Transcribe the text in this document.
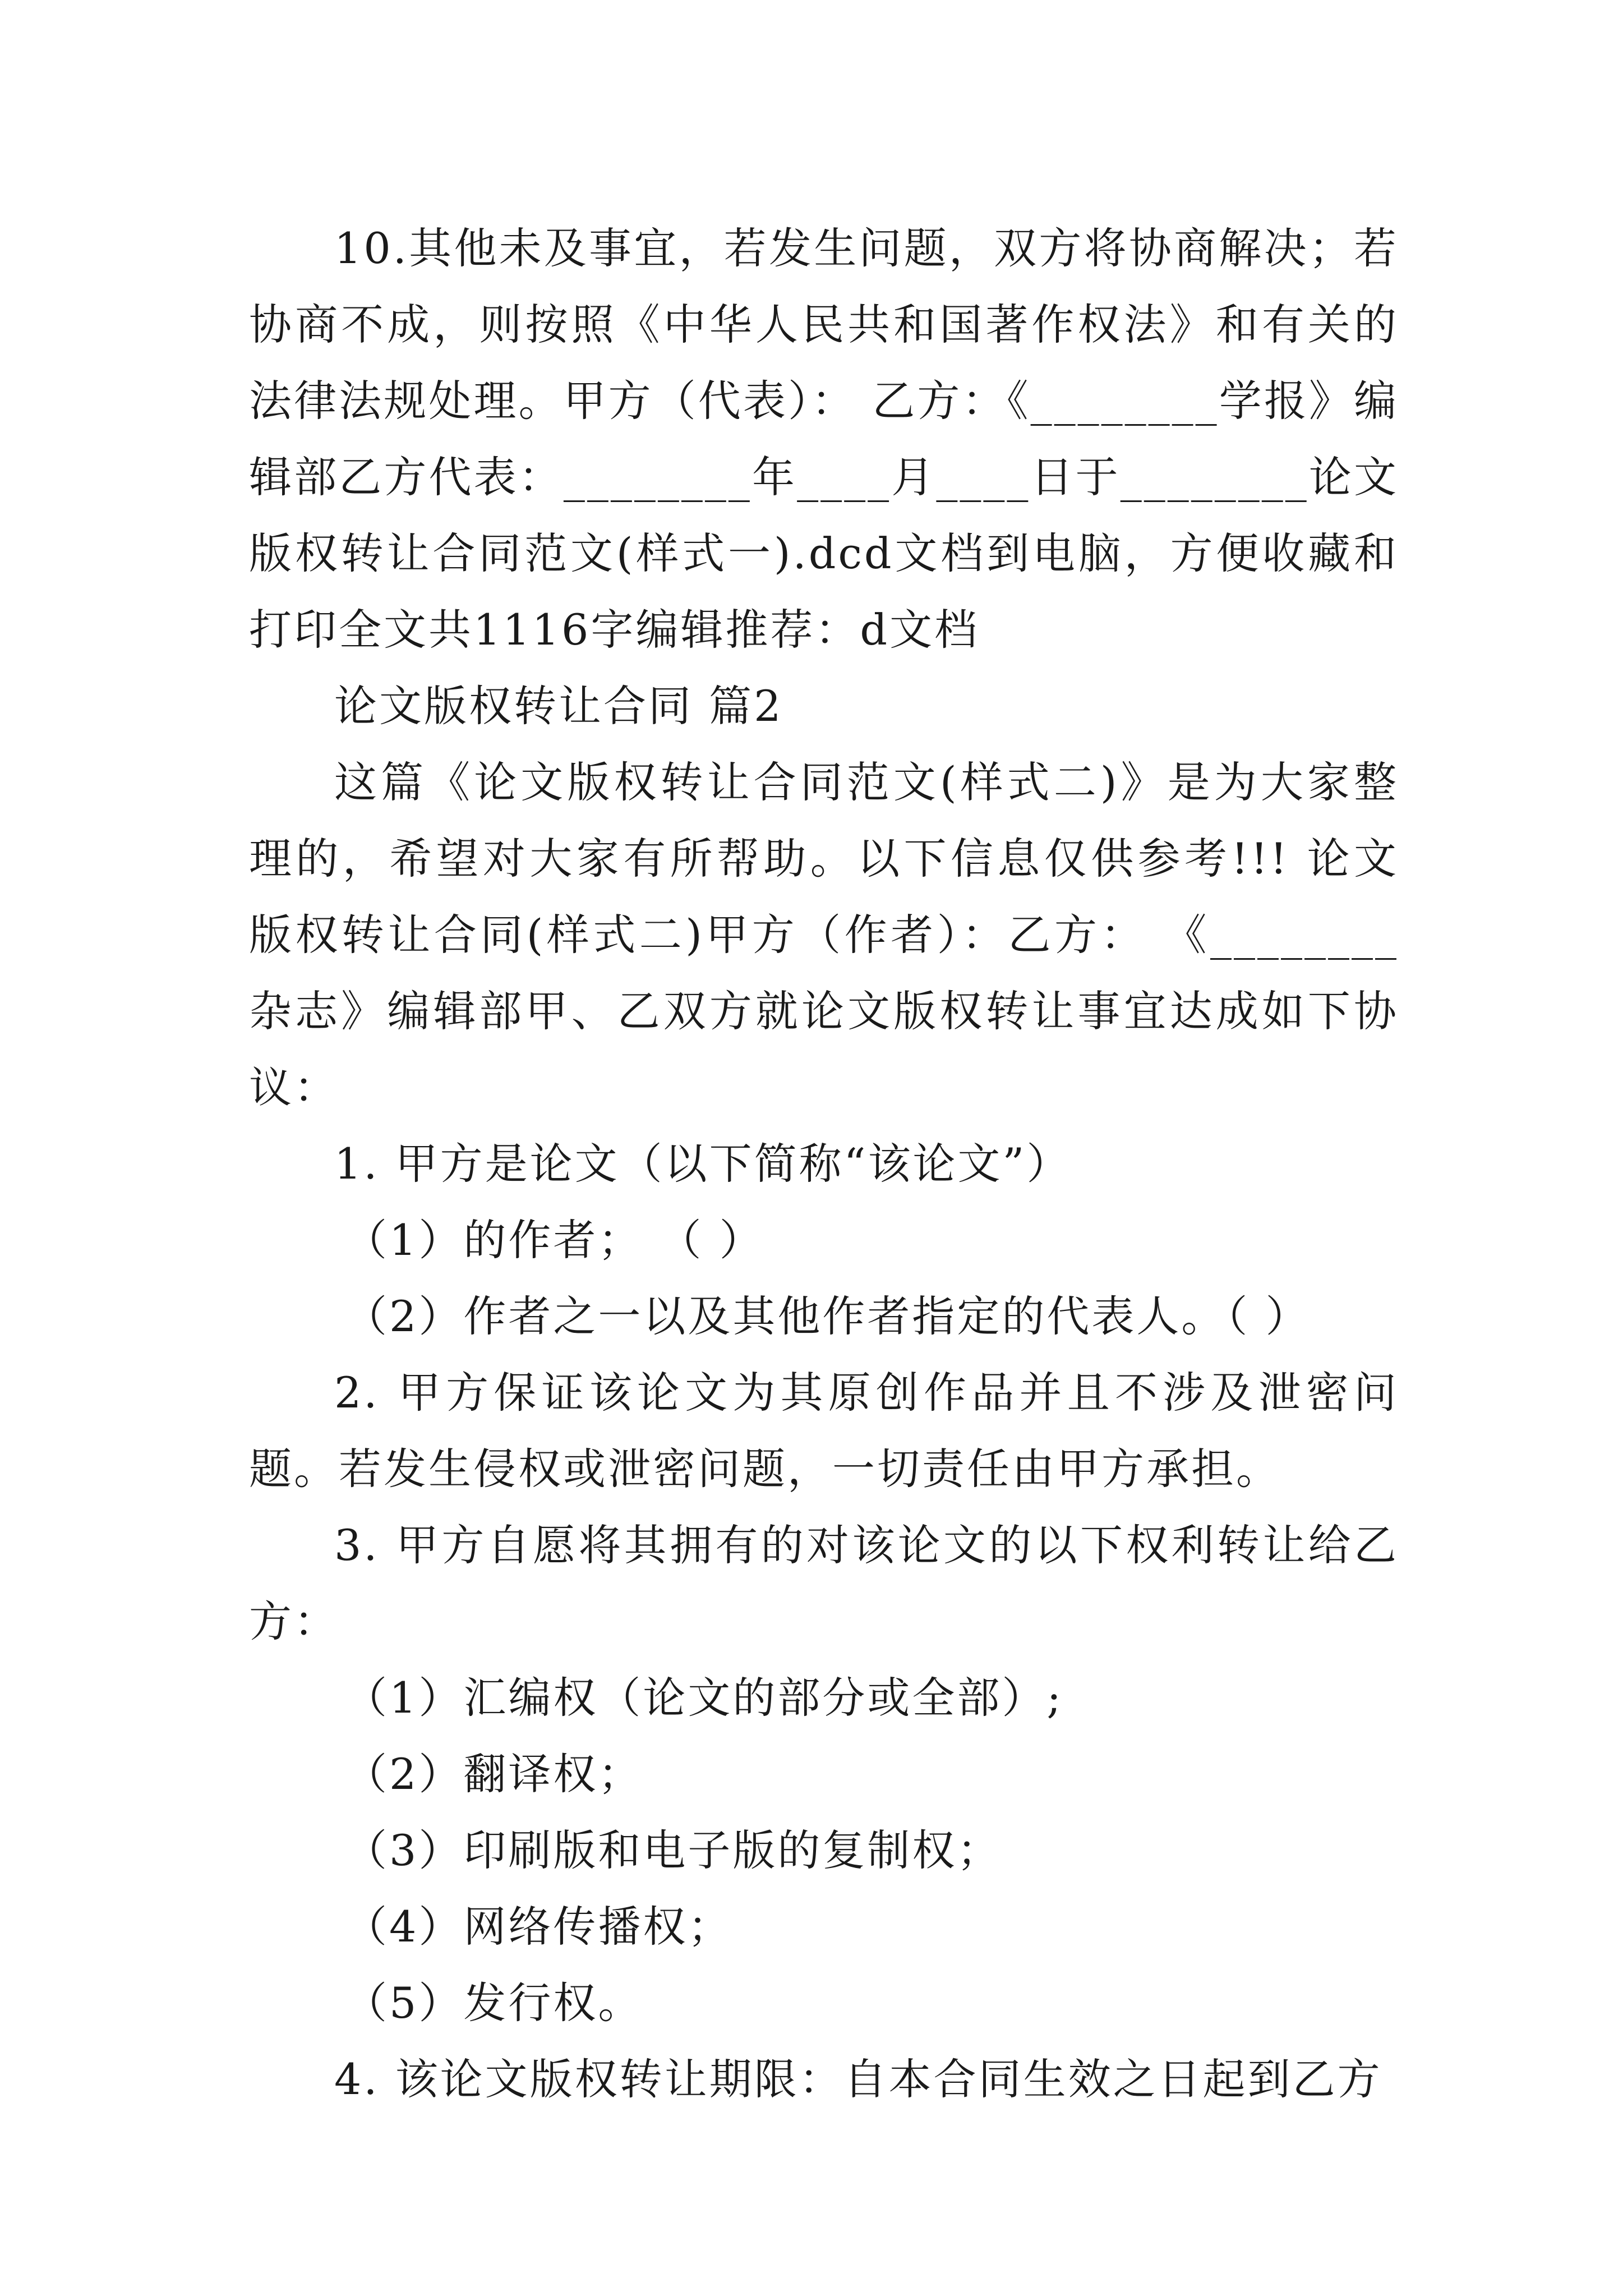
10.其他未及事宜，若发生问题，双方将协商解决；若协商不成，则按照《中华人民共和国著作权法》和有关的法律法规处理。甲方（代表）： 乙方：《________学报》编辑部乙方代表：________年____月____日于________论文版权转让合同范文(样式一).dcd文档到电脑，方便收藏和打印全文共1116字编辑推荐：d文档

论文版权转让合同 篇2

这篇《论文版权转让合同范文(样式二)》是为大家整理的，希望对大家有所帮助。以下信息仅供参考!!! 论文版权转让合同(样式二)甲方（作者）：乙方： 《________杂志》编辑部甲、乙双方就论文版权转让事宜达成如下协议：

1. 甲方是论文（以下简称“该论文”）

（1）的作者； （ ）

（2）作者之一以及其他作者指定的代表人。（ ）

2. 甲方保证该论文为其原创作品并且不涉及泄密问题。若发生侵权或泄密问题，一切责任由甲方承担。

3. 甲方自愿将其拥有的对该论文的以下权利转让给乙方：

（1）汇编权（论文的部分或全部）;

（2）翻译权；

（3）印刷版和电子版的复制权；

（4）网络传播权；

（5）发行权。

4. 该论文版权转让期限：自本合同生效之日起到乙方
